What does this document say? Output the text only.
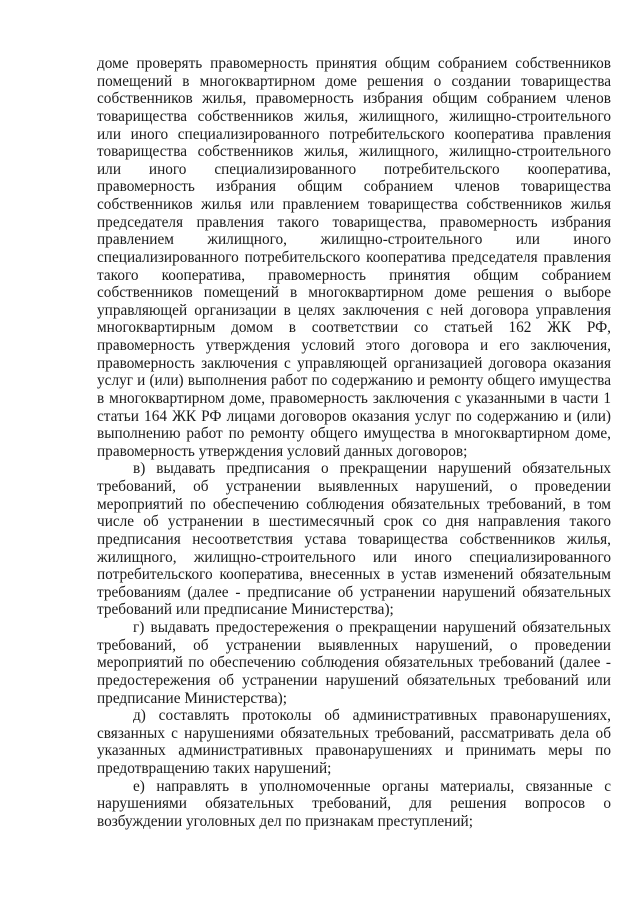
доме проверять правомерность принятия общим собранием собственников помещений в многоквартирном доме решения о создании товарищества собственников жилья, правомерность избрания общим собранием членов товарищества собственников жилья, жилищного, жилищно-строительного или иного специализированного потребительского кооператива правления товарищества собственников жилья, жилищного, жилищно-строительного или иного специализированного потребительского кооператива, правомерность избрания общим собранием членов товарищества собственников жилья или правлением товарищества собственников жилья председателя правления такого товарищества, правомерность избрания правлением жилищного, жилищно-строительного или иного специализированного потребительского кооператива председателя правления такого кооператива, правомерность принятия общим собранием собственников помещений в многоквартирном доме решения о выборе управляющей организации в целях заключения с ней договора управления многоквартирным домом в соответствии со статьей 162 ЖК РФ, правомерность утверждения условий этого договора и его заключения, правомерность заключения с управляющей организацией договора оказания услуг и (или) выполнения работ по содержанию и ремонту общего имущества в многоквартирном доме, правомерность заключения с указанными в части 1 статьи 164 ЖК РФ лицами договоров оказания услуг по содержанию и (или) выполнению работ по ремонту общего имущества в многоквартирном доме, правомерность утверждения условий данных договоров;

в) выдавать предписания о прекращении нарушений обязательных требований, об устранении выявленных нарушений, о проведении мероприятий по обеспечению соблюдения обязательных требований, в том числе об устранении в шестимесячный срок со дня направления такого предписания несоответствия устава товарищества собственников жилья, жилищного, жилищно-строительного или иного специализированного потребительского кооператива, внесенных в устав изменений обязательным требованиям (далее - предписание об устранении нарушений обязательных требований или предписание Министерства);

г) выдавать предостережения о прекращении нарушений обязательных требований, об устранении выявленных нарушений, о проведении мероприятий по обеспечению соблюдения обязательных требований (далее - предостережения об устранении нарушений обязательных требований или предписание Министерства);

д) составлять протоколы об административных правонарушениях, связанных с нарушениями обязательных требований, рассматривать дела об указанных административных правонарушениях и принимать меры по предотвращению таких нарушений;

е) направлять в уполномоченные органы материалы, связанные с нарушениями обязательных требований, для решения вопросов о возбуждении уголовных дел по признакам преступлений;
